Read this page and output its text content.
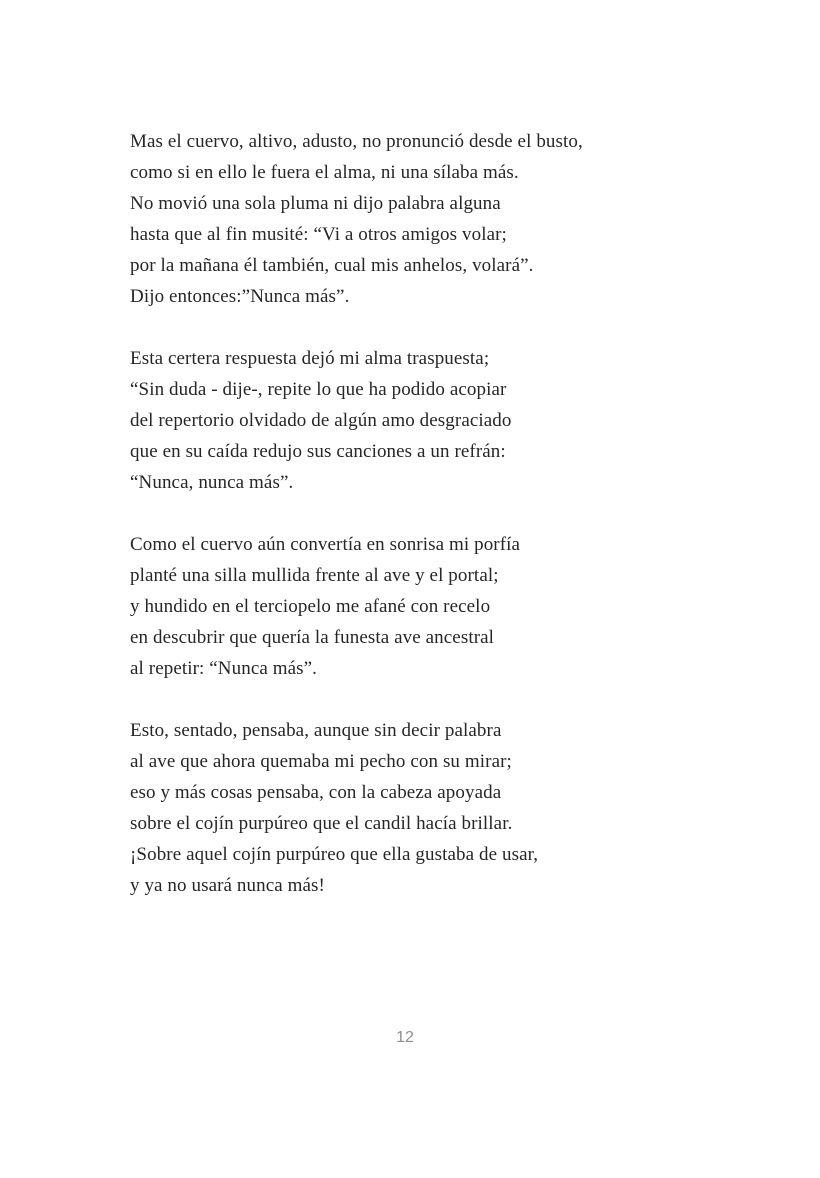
Mas el cuervo, altivo, adusto, no pronunció desde el busto,

como si en ello le fuera el alma, ni una sílaba más.

No movió una sola pluma ni dijo palabra alguna

hasta que al fin musité: “Vi a otros amigos volar;

por la mañana él también, cual mis anhelos, volará”.

Dijo entonces:”Nunca más”.

Esta certera respuesta dejó mi alma traspuesta;

“Sin duda - dije-, repite lo que ha podido acopiar

del repertorio olvidado de algún amo desgraciado

que en su caída redujo sus canciones a un refrán:

“Nunca, nunca más”.

Como el cuervo aún convertía en sonrisa mi porfía

planté una silla mullida frente al ave y el portal;

y hundido en el terciopelo me afané con recelo

en descubrir que quería la funesta ave ancestral

al repetir: “Nunca más”.

Esto, sentado, pensaba, aunque sin decir palabra

al ave que ahora quemaba mi pecho con su mirar;

eso y más cosas pensaba, con la cabeza apoyada

sobre el cojín purpúreo que el candil hacía brillar.

¡Sobre aquel cojín purpúreo que ella gustaba de usar,

y ya no usará nunca más!

12
